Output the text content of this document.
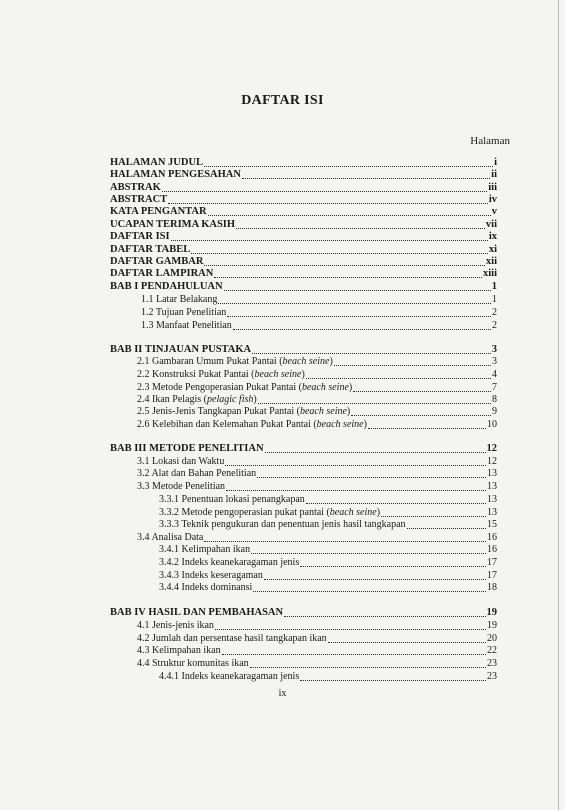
DAFTAR ISI
Halaman
HALAMAN JUDUL	i
HALAMAN PENGESAHAN	ii
ABSTRAK	iii
ABSTRACT	iv
KATA PENGANTAR	v
UCAPAN TERIMA KASIH	vii
DAFTAR ISI	ix
DAFTAR TABEL	xi
DAFTAR GAMBAR	xii
DAFTAR LAMPIRAN	xiii
BAB I PENDAHULUAN	1
1.1 Latar Belakang	1
1.2 Tujuan Penelitian	2
1.3 Manfaat Penelitian	2
BAB II TINJAUAN PUSTAKA	3
2.1 Gambaran Umum Pukat Pantai (beach seine)	3
2.2 Konstruksi Pukat Pantai (beach seine)	4
2.3 Metode Pengoperasian Pukat Pantai (beach seine)	7
2.4 Ikan Pelagis (pelagic fish)	8
2.5 Jenis-Jenis Tangkapan Pukat Pantai (beach seine)	9
2.6 Kelebihan dan Kelemahan Pukat Pantai (beach seine)	10
BAB III METODE PENELITIAN	12
3.1 Lokasi dan Waktu	12
3.2 Alat dan Bahan Penelitian	13
3.3 Metode Penelitian	13
3.3.1 Penentuan lokasi penangkapan	13
3.3.2 Metode pengoperasian pukat pantai (beach seine)	13
3.3.3 Teknik pengukuran dan penentuan jenis hasil tangkapan	15
3.4 Analisa Data	16
3.4.1 Kelimpahan ikan	16
3.4.2 Indeks keanekaragaman jenis	17
3.4.3 Indeks keseragaman	17
3.4.4 Indeks dominansi	18
BAB IV HASIL DAN PEMBAHASAN	19
4.1 Jenis-jenis ikan	19
4.2 Jumlah dan persentase hasil tangkapan ikan	20
4.3 Kelimpahan ikan	22
4.4 Struktur komunitas ikan	23
4.4.1 Indeks keanekaragaman jenis	23
ix
